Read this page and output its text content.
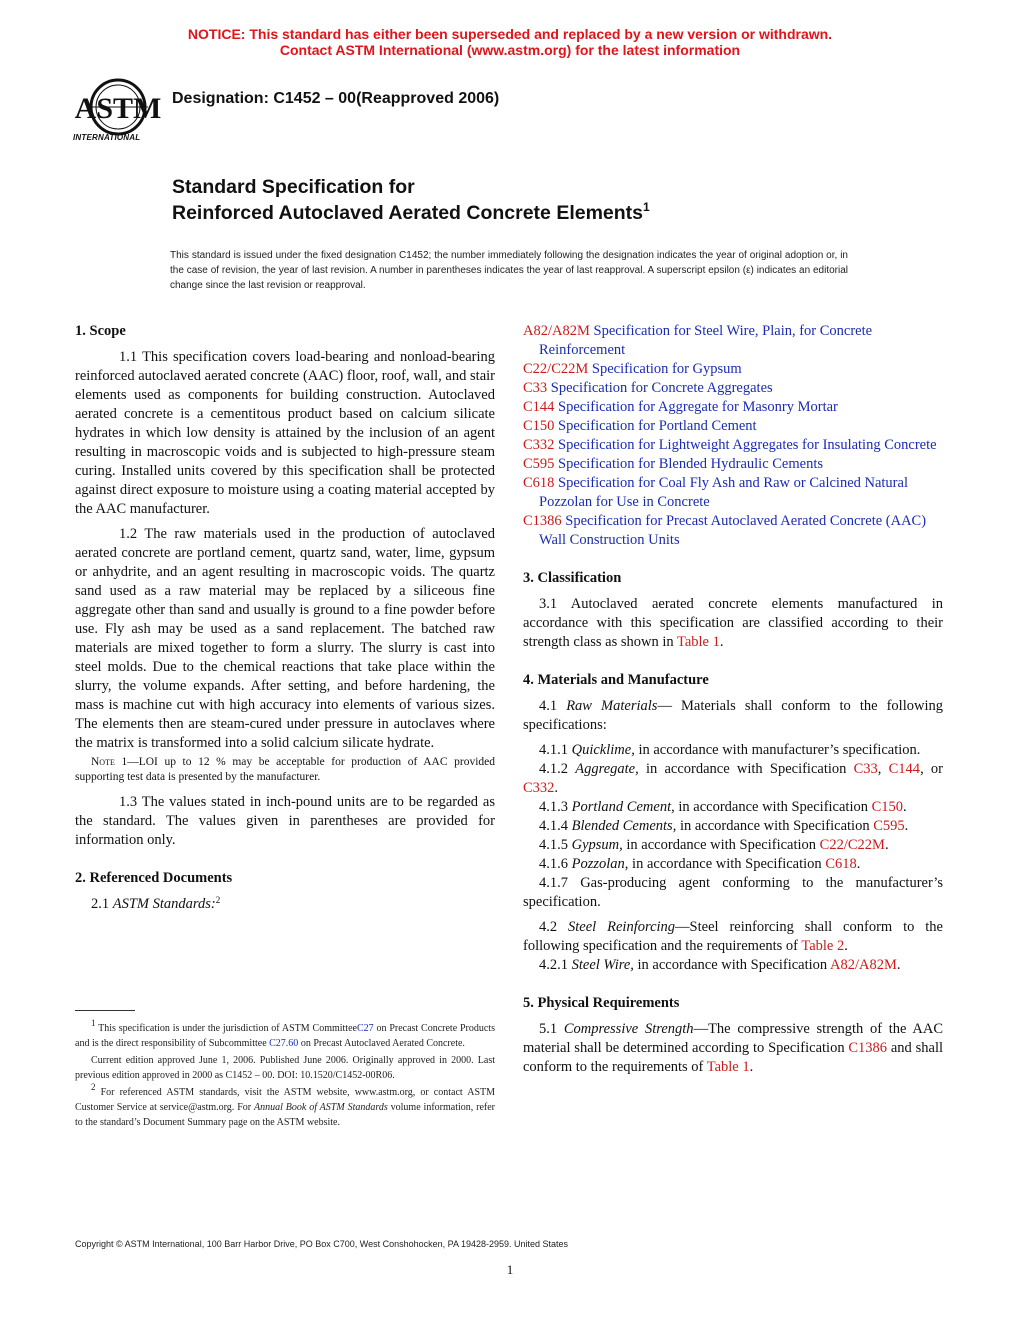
NOTICE: This standard has either been superseded and replaced by a new version or withdrawn.
Contact ASTM International (www.astm.org) for the latest information
ASTM
INTERNATIONAL
Designation: C1452 – 00(Reapproved 2006)
Standard Specification for
Reinforced Autoclaved Aerated Concrete Elements$^1$
This standard is issued under the fixed designation C1452; the number immediately following the designation indicates the year of original adoption or, in the case of revision, the year of last revision. A number in parentheses indicates the year of last reapproval. A superscript epsilon (ε) indicates an editorial change since the last revision or reapproval.
1. Scope

1.1 This specification covers load-bearing and nonload-bearing reinforced autoclaved aerated concrete (AAC) floor, roof, wall, and stair elements used as components for building construction. Autoclaved aerated concrete is a cementitous product based on calcium silicate hydrates in which low density is attained by the inclusion of an agent resulting in macroscopic voids and is subjected to high-pressure steam curing. Installed units covered by this specification shall be protected against direct exposure to moisture using a coating material accepted by the AAC manufacturer.

1.2 The raw materials used in the production of autoclaved aerated concrete are portland cement, quartz sand, water, lime, gypsum or anhydrite, and an agent resulting in macroscopic voids. The quartz sand used as a raw material may be replaced by a siliceous fine aggregate other than sand and usually is ground to a fine powder before use. Fly ash may be used as a sand replacement. The batched raw materials are mixed together to form a slurry. The slurry is cast into steel molds. Due to the chemical reactions that take place within the slurry, the volume expands. After setting, and before hardening, the mass is machine cut with high accuracy into elements of various sizes. The elements then are steam-cured under pressure in autoclaves where the matrix is transformed into a solid calcium silicate hydrate.

Note 1—LOI up to 12 % may be acceptable for production of AAC provided supporting test data is presented by the manufacturer.

1.3 The values stated in inch-pound units are to be regarded as the standard. The values given in parentheses are provided for information only.

2. Referenced Documents

2.1 ASTM Standards:$^2$

$^1$ This specification is under the jurisdiction of ASTM CommitteeC27 on Precast Concrete Products and is the direct responsibility of Subcommittee C27.60 on Precast Autoclaved Aerated Concrete.

Current edition approved June 1, 2006. Published June 2006. Originally approved in 2000. Last previous edition approved in 2000 as C1452 – 00. DOI: 10.1520/C1452-00R06.

$^2$ For referenced ASTM standards, visit the ASTM website, www.astm.org, or contact ASTM Customer Service at service@astm.org. For Annual Book of ASTM Standards volume information, refer to the standard’s Document Summary page on the ASTM website.

A82/A82M Specification for Steel Wire, Plain, for Concrete Reinforcement

C22/C22M Specification for Gypsum

C33 Specification for Concrete Aggregates

C144 Specification for Aggregate for Masonry Mortar

C150 Specification for Portland Cement

C332 Specification for Lightweight Aggregates for Insulating Concrete

C595 Specification for Blended Hydraulic Cements

C618 Specification for Coal Fly Ash and Raw or Calcined Natural Pozzolan for Use in Concrete

C1386 Specification for Precast Autoclaved Aerated Concrete (AAC) Wall Construction Units

3. Classification

3.1 Autoclaved aerated concrete elements manufactured in accordance with this specification are classified according to their strength class as shown in Table 1.

4. Materials and Manufacture

4.1 Raw Materials— Materials shall conform to the following specifications:

4.1.1 Quicklime, in accordance with manufacturer’s specification.

4.1.2 Aggregate, in accordance with Specification C33, C144, or C332.

4.1.3 Portland Cement, in accordance with Specification C150.

4.1.4 Blended Cements, in accordance with Specification C595.

4.1.5 Gypsum, in accordance with Specification C22/C22M.

4.1.6 Pozzolan, in accordance with Specification C618.

4.1.7 Gas-producing agent conforming to the manufacturer’s specification.

4.2 Steel Reinforcing—Steel reinforcing shall conform to the following specification and the requirements of Table 2.

4.2.1 Steel Wire, in accordance with Specification A82/A82M.

5. Physical Requirements

5.1 Compressive Strength—The compressive strength of the AAC material shall be determined according to Specification C1386 and shall conform to the requirements of Table 1.

Copyright © ASTM International, 100 Barr Harbor Drive, PO Box C700, West Conshohocken, PA 19428-2959. United States
1
